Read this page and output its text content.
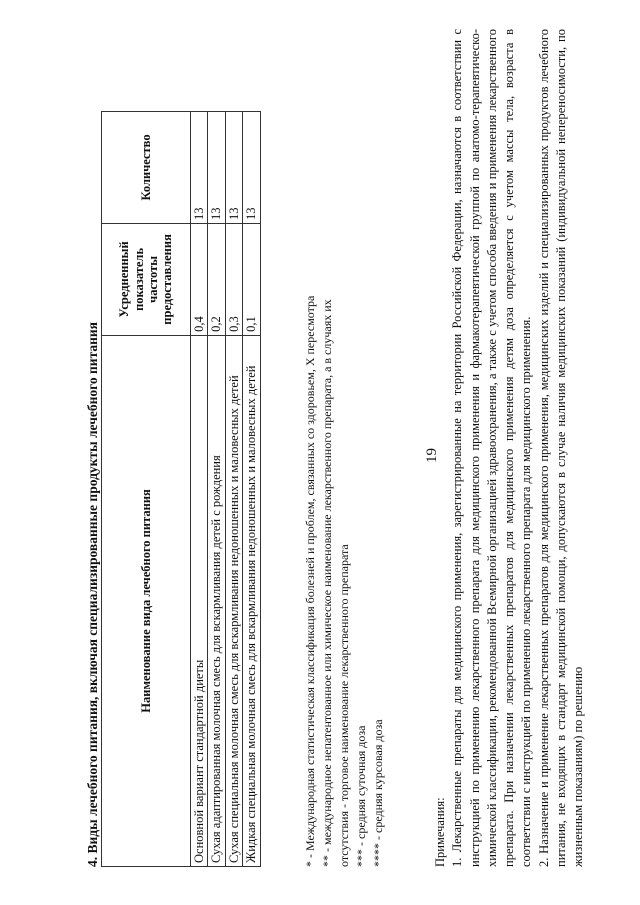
19
4. Виды лечебного питания, включая специализированные продукты лечебного питания	Наименование вида лечебного питания	Усредненный показатель частоты предоставления	Количество
Основной вариант стандартной диеты	0,4	13
Сухая адаптированная молочная смесь для вскармливания детей с рождения	0,2	13
Сухая специальная молочная смесь для вскармливания недоношенных и маловесных детей	0,3	13
Жидкая специальная молочная смесь для вскармливания недоношенных и маловесных детей	0,1	13
* - Международная статистическая классификация болезней и проблем, связанных со здоровьем, X пересмотра ** - международное непатентованное или химическое наименование лекарственного препарата, а в случаях их отсутствия - торговое наименование лекарственного препарата *** - средняя суточная доза **** - средняя курсовая доза	Примечания: 1. Лекарственные препараты для медицинского применения, зарегистрированные на территории Российской Федерации, назначаются в соответствии с инструкцией по применению лекарственного препарата для медицинского применения и фармакотерапевтической группой по анатомо-терапевтическо-химической классификации, рекомендованной Всемирной организацией здравоохранения, а также с учетом способа введения и применения лекарственного препарата. При назначении лекарственных препаратов для медицинского применения детям доза определяется с учетом массы тела, возраста в соответствии с инструкцией по применению лекарственного препарата для медицинского применения. 2. Назначение и применение лекарственных препаратов для медицинского применения, медицинских изделий и специализированных продуктов лечебного питания, не входящих в стандарт медицинской помощи, допускаются в случае наличия медицинских показаний (индивидуальной непереносимости, по жизненным показаниям) по решению
